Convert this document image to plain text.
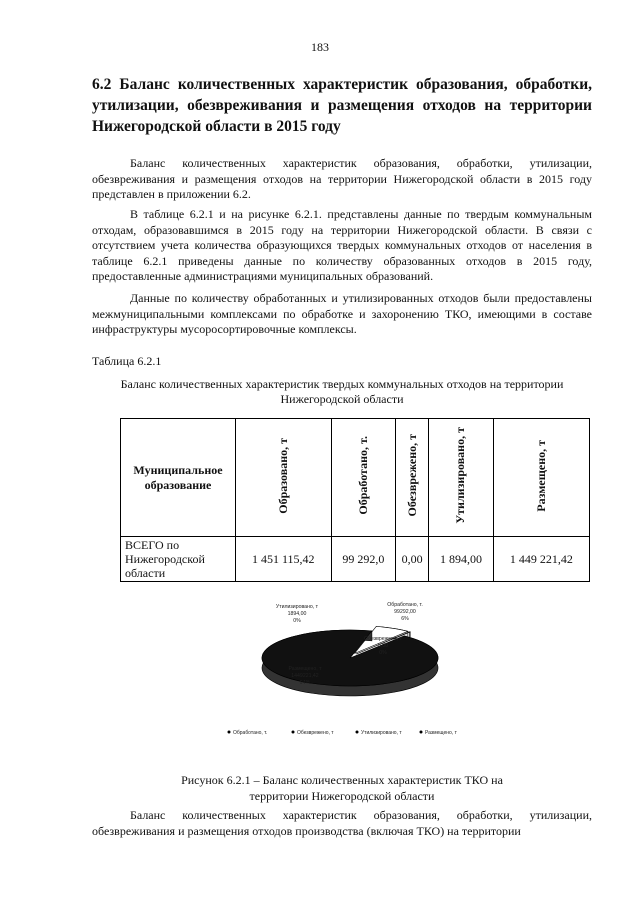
183
6.2 Баланс количественных характеристик образования, обработки, утилизации, обезвреживания и размещения отходов на территории Нижегородской области в 2015 году
Баланс количественных характеристик образования, обработки, утилизации, обезвреживания и размещения отходов на территории Нижегородской области в 2015 году представлен в приложении 6.2.
В таблице 6.2.1 и на рисунке 6.2.1. представлены данные по твердым коммунальным отходам, образовавшимся в 2015 году на территории Нижегородской области. В связи с отсутствием учета количества образующихся твердых коммунальных отходов от населения в таблице 6.2.1 приведены данные по количеству образованных отходов в 2015 году, предоставленные администрациями муниципальных образований.
Данные по количеству обработанных и утилизированных отходов были предоставлены межмуниципальными комплексами по обработке и захоронению ТКО, имеющими в составе инфраструктуры мусоросортировочные комплексы.
Таблица 6.2.1
Баланс количественных характеристик твердых коммунальных отходов на территории Нижегородской области
Муниципальное образование	Образовано, т	Обработано, т.	Обезврежено, т	Утилизировано, т	Размещено, т
ВСЕГО по Нижегородской области	1 451 115,42	99 292,0	0,00	1 894,00	1 449 221,42
Обработано, т.
99292,00
6%
Обезврежено, т
0,00
0%
Утилизировано, т
1894,00
0%
Размещено, т
1449221,42
94%
Обработано, т.	Обезврежено, т	Утилизировано, т	Размещено, т
Рисунок 6.2.1 – Баланс количественных характеристик ТКО на
территории Нижегородской области
Баланс количественных характеристик образования, обработки, утилизации, обезвреживания и размещения отходов производства (включая ТКО) на территории
